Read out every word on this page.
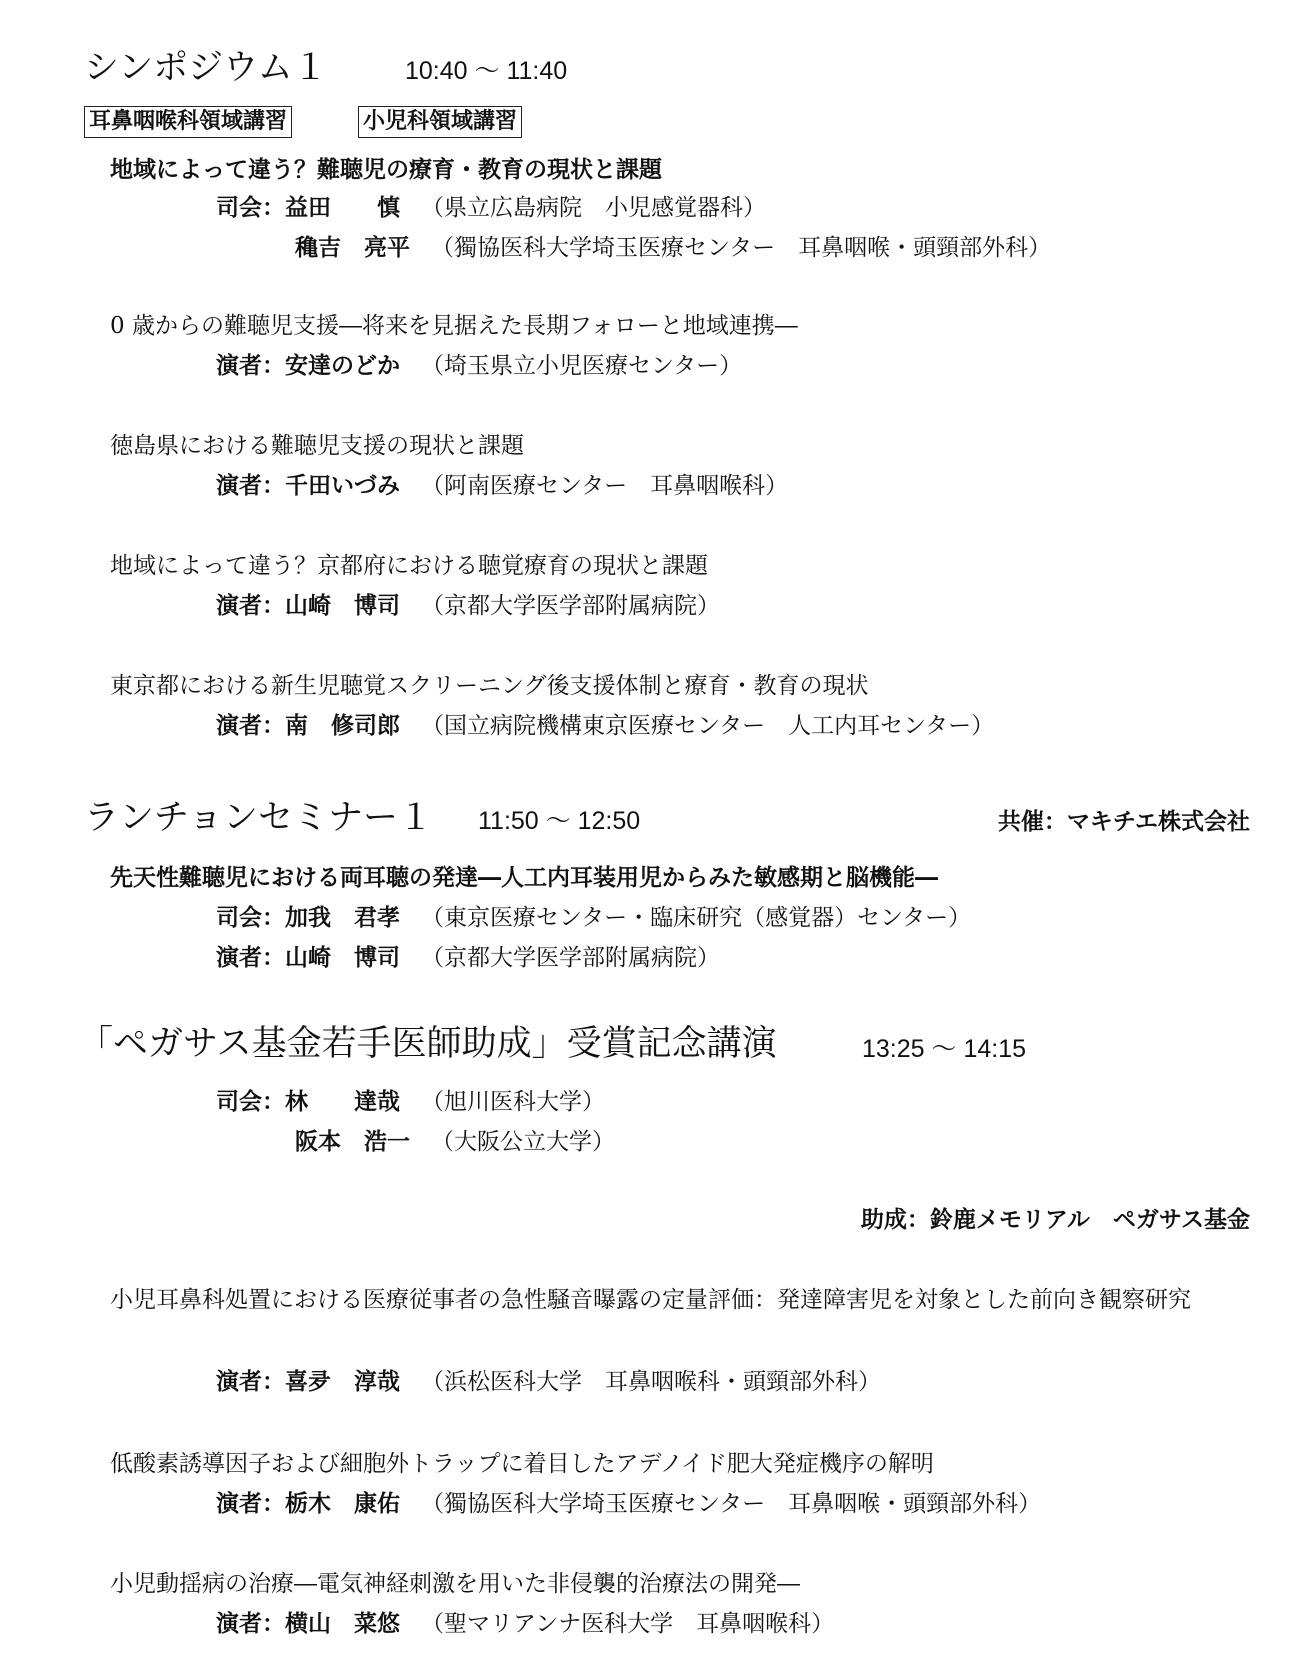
シンポジウム１	10:40 ～ 11:40
耳鼻咽喉科領域講習	小児科領域講習
地域によって違う？難聴児の療育・教育の現状と課題
司会：益田　　慎 （県立広島病院　小児感覚器科）
穐吉　亮平 （獨協医科大学埼玉医療センター　耳鼻咽喉・頭頸部外科）
0 歳からの難聴児支援―将来を見据えた長期フォローと地域連携―
演者：安達のどか （埼玉県立小児医療センター）
徳島県における難聴児支援の現状と課題
演者：千田いづみ （阿南医療センター　耳鼻咽喉科）
地域によって違う？京都府における聴覚療育の現状と課題
演者：山崎　博司 （京都大学医学部附属病院）
東京都における新生児聴覚スクリーニング後支援体制と療育・教育の現状
演者：南　修司郎 （国立病院機構東京医療センター　人工内耳センター）
ランチョンセミナー１ 11:50 ～ 12:50	共催：マキチエ株式会社
先天性難聴児における両耳聴の発達―人工内耳装用児からみた敏感期と脳機能―
司会：加我　君孝 （東京医療センター・臨床研究（感覚器）センター）
演者：山崎　博司 （京都大学医学部附属病院）
「ペガサス基金若手医師助成」受賞記念講演	13:25 ～ 14:15
司会：林　　達哉 （旭川医科大学）
阪本　浩一 （大阪公立大学）
助成：鈴鹿メモリアル　ペガサス基金
小児耳鼻科処置における医療従事者の急性騒音曝露の定量評価：発達障害児を対象とした前向き観察研究
演者：喜夛　淳哉 （浜松医科大学　耳鼻咽喉科・頭頸部外科）
低酸素誘導因子および細胞外トラップに着目したアデノイド肥大発症機序の解明
演者：栃木　康佑 （獨協医科大学埼玉医療センター　耳鼻咽喉・頭頸部外科）
小児動揺病の治療―電気神経刺激を用いた非侵襲的治療法の開発―
演者：横山　菜悠 （聖マリアンナ医科大学　耳鼻咽喉科）
